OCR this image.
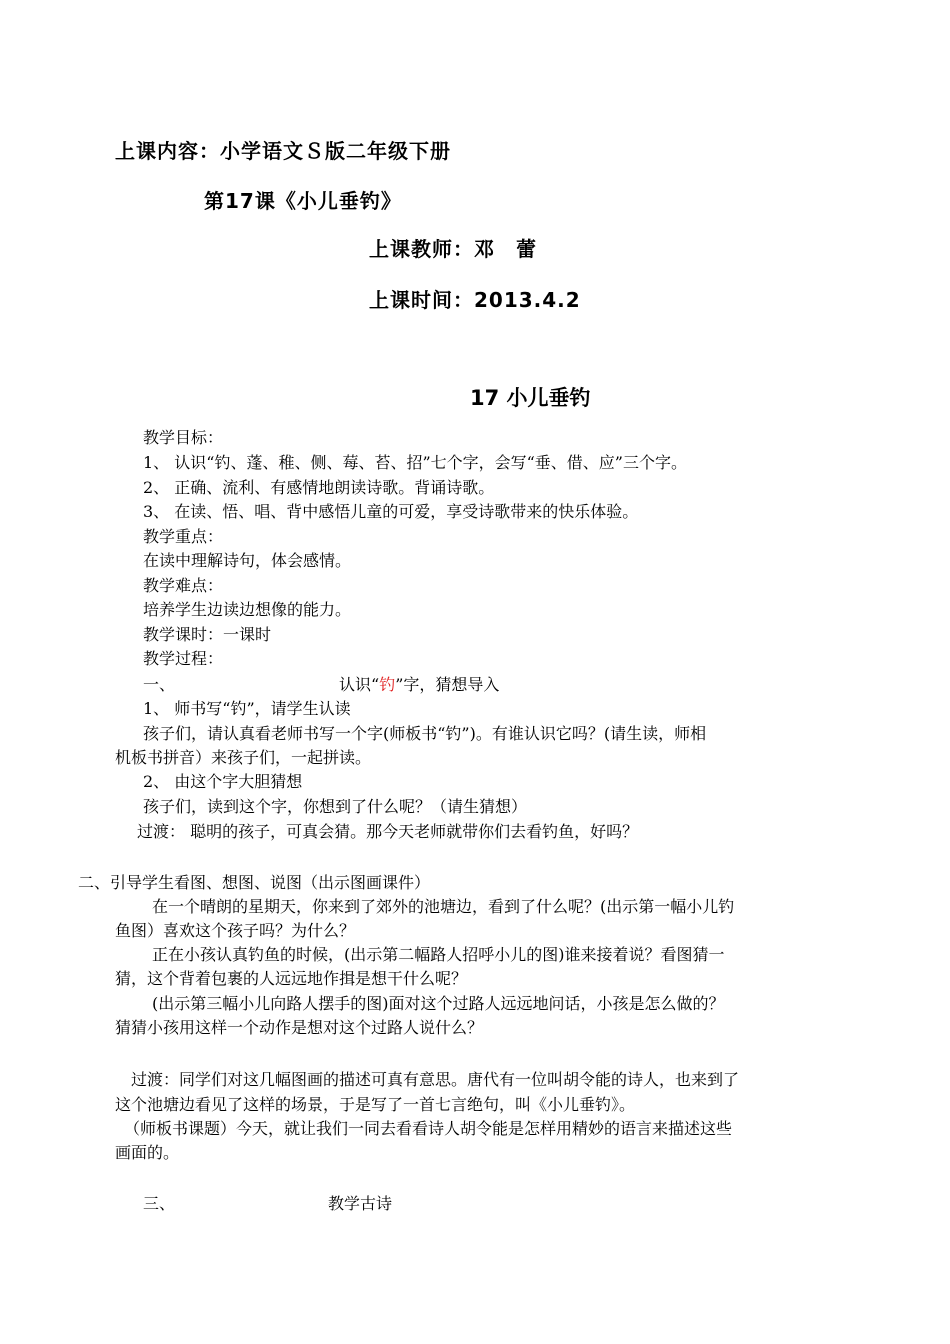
上课内容：小学语文Ｓ版二年级下册
第17课《小儿垂钓》
上课教师：邓　蕾
上课时间：2013.4.2
17 小儿垂钓
教学目标：
1、 认识“钓、蓬、稚、侧、莓、苔、招”七个字，会写“垂、借、应”三个字。
2、 正确、流利、有感情地朗读诗歌。背诵诗歌。
3、 在读、悟、唱、背中感悟儿童的可爱，享受诗歌带来的快乐体验。
教学重点：
在读中理解诗句，体会感情。
教学难点：
培养学生边读边想像的能力。
教学课时：一课时
教学过程：
一、	认识“钓”字，猜想导入
1、 师书写“钓”，请学生认读
孩子们，请认真看老师书写一个字(师板书“钓”)。有谁认识它吗？(请生读，师相
机板书拼音）来孩子们，一起拼读。
2、 由这个字大胆猜想
孩子们，读到这个字，你想到了什么呢？（请生猜想）
过渡： 聪明的孩子，可真会猜。那今天老师就带你们去看钓鱼，好吗？
二、引导学生看图、想图、说图（出示图画课件）
在一个晴朗的星期天，你来到了郊外的池塘边，看到了什么呢？(出示第一幅小儿钓
鱼图）喜欢这个孩子吗？为什么？
正在小孩认真钓鱼的时候，(出示第二幅路人招呼小儿的图)谁来接着说？看图猜一
猜，这个背着包裹的人远远地作揖是想干什么呢？
(出示第三幅小儿向路人摆手的图)面对这个过路人远远地问话，小孩是怎么做的？
猜猜小孩用这样一个动作是想对这个过路人说什么？
过渡：同学们对这几幅图画的描述可真有意思。唐代有一位叫胡令能的诗人，也来到了
这个池塘边看见了这样的场景，于是写了一首七言绝句，叫《小儿垂钓》。
（师板书课题）今天，就让我们一同去看看诗人胡令能是怎样用精妙的语言来描述这些
画面的。
三、	教学古诗
